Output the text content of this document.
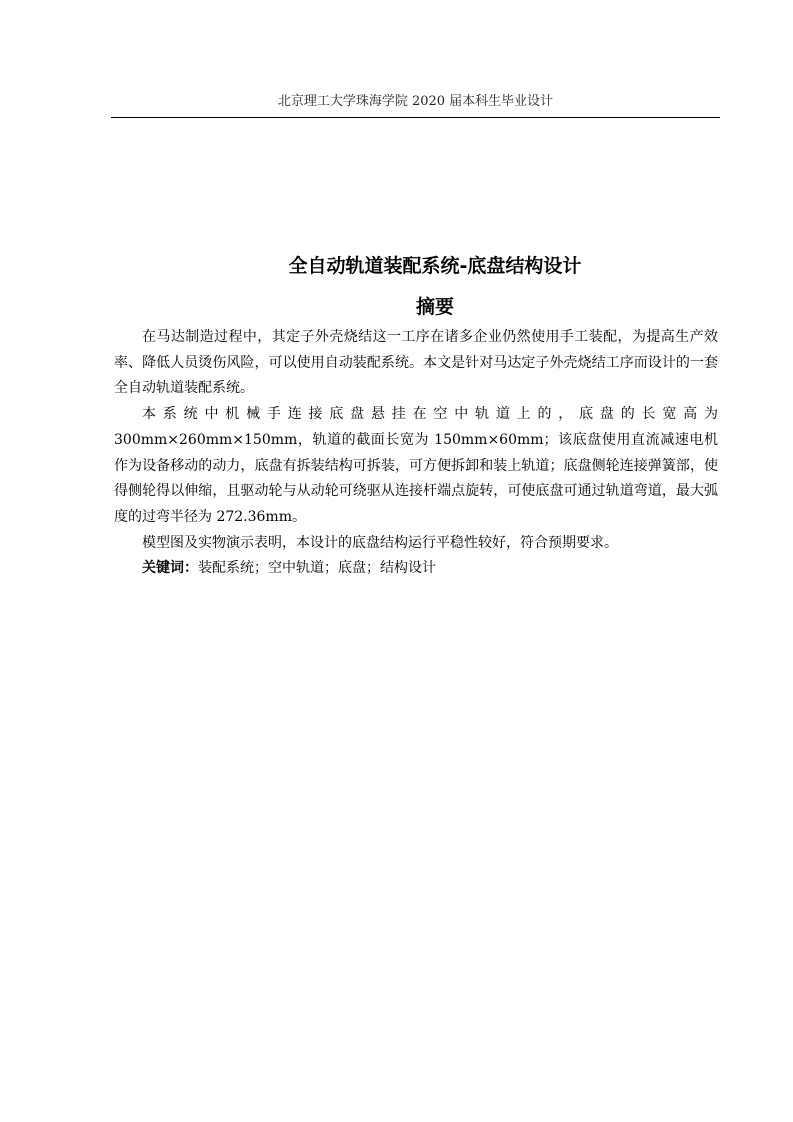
北京理工大学珠海学院 2020 届本科生毕业设计
全自动轨道装配系统-底盘结构设计
摘要

在马达制造过程中，其定子外壳烧结这一工序在诸多企业仍然使用手工装配，为提高生产效率、降低人员烫伤风险，可以使用自动装配系统。本文是针对马达定子外壳烧结工序而设计的一套全自动轨道装配系统。

本系统中机械手连接底盘悬挂在空中轨道上的，底盘的长宽高为 300mm×260mm×150mm，轨道的截面长宽为 150mm×60mm；该底盘使用直流减速电机作为设备移动的动力，底盘有拆装结构可拆装，可方便拆卸和装上轨道；底盘侧轮连接弹簧部，使得侧轮得以伸缩，且驱动轮与从动轮可绕驱从连接杆端点旋转，可使底盘可通过轨道弯道，最大弧度的过弯半径为 272.36mm。

模型图及实物演示表明，本设计的底盘结构运行平稳性较好，符合预期要求。

关键词：装配系统；空中轨道；底盘；结构设计
